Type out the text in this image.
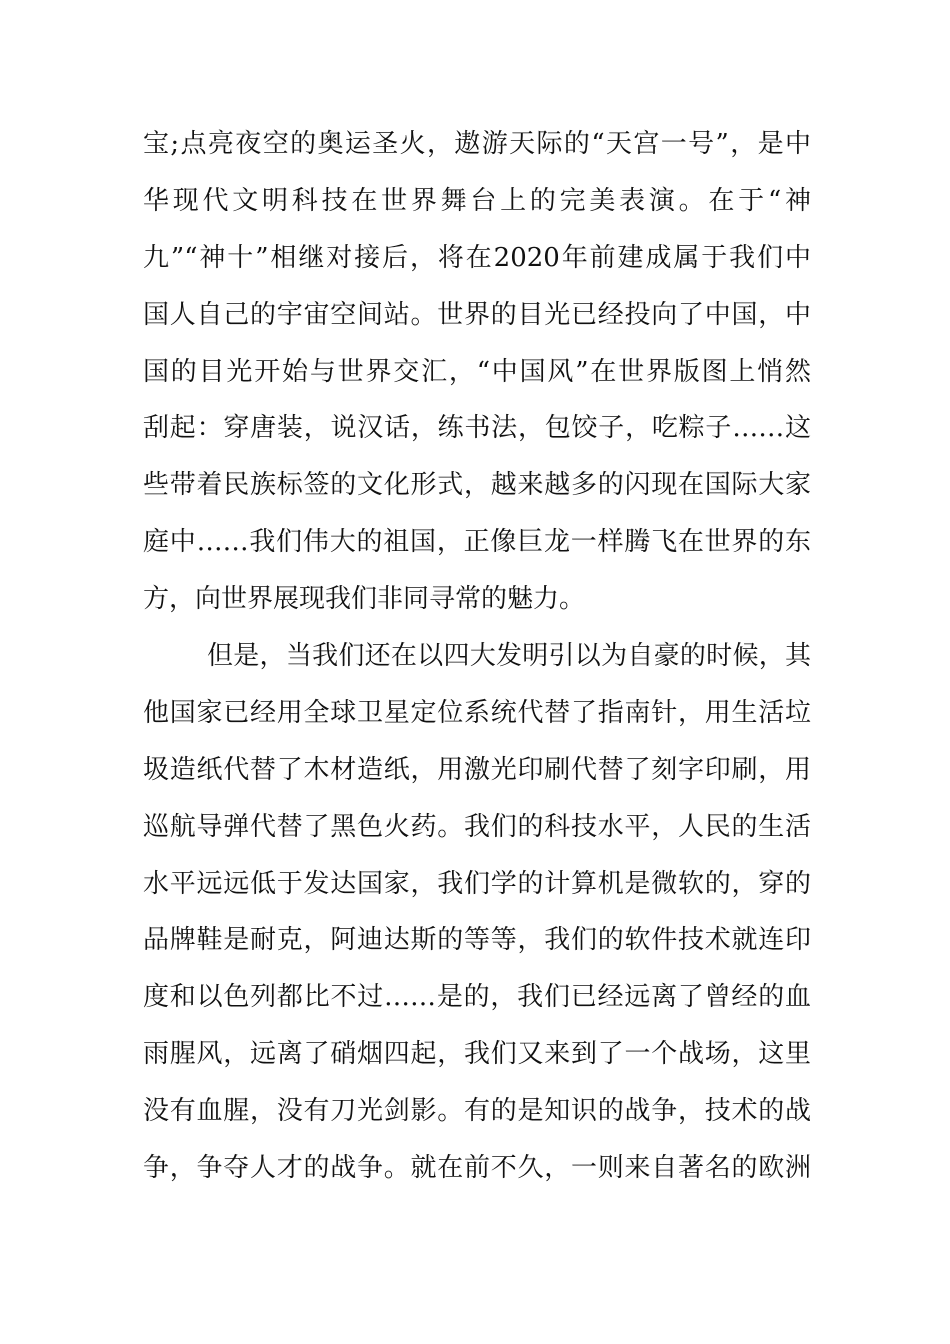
宝;点亮夜空的奥运圣火，遨游天际的“天宫一号”，是中
华现代文明科技在世界舞台上的完美表演。在于“神
九”“神十”相继对接后，将在2020年前建成属于我们中
国人自己的宇宙空间站。世界的目光已经投向了中国，中
国的目光开始与世界交汇，“中国风”在世界版图上悄然
刮起：穿唐装，说汉话，练书法，包饺子，吃粽子……这
些带着民族标签的文化形式，越来越多的闪现在国际大家
庭中……我们伟大的祖国，正像巨龙一样腾飞在世界的东
方，向世界展现我们非同寻常的魅力。
但是，当我们还在以四大发明引以为自豪的时候，其
他国家已经用全球卫星定位系统代替了指南针，用生活垃
圾造纸代替了木材造纸，用激光印刷代替了刻字印刷，用
巡航导弹代替了黑色火药。我们的科技水平，人民的生活
水平远远低于发达国家，我们学的计算机是微软的，穿的
品牌鞋是耐克，阿迪达斯的等等，我们的软件技术就连印
度和以色列都比不过……是的，我们已经远离了曾经的血
雨腥风，远离了硝烟四起，我们又来到了一个战场，这里
没有血腥，没有刀光剑影。有的是知识的战争，技术的战
争，争夺人才的战争。就在前不久，一则来自著名的欧洲
